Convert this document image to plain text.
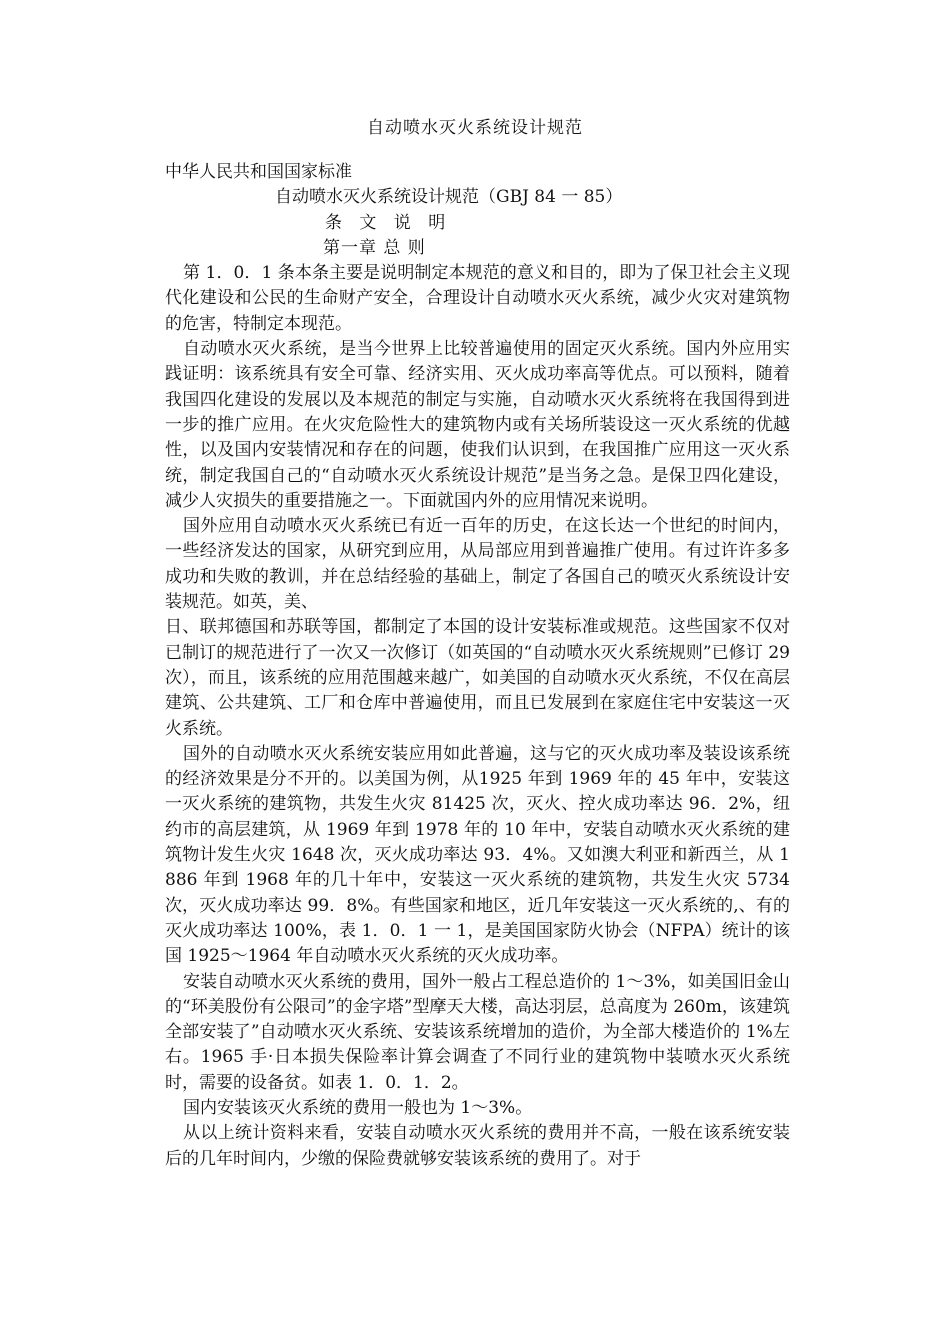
自动喷水灭火系统设计规范

中华人民共和国国家标准

自动喷水灭火系统设计规范（GBJ 84 一 85）

条 文 说 明

第一章 总 则

第 1．0．1 条本条主要是说明制定本规范的意义和目的，即为了保卫社会主义现代化建设和公民的生命财产安全，合理设计自动喷水灭火系统，减少火灾对建筑物的危害，特制定本现范。

自动喷水灭火系统，是当今世界上比较普遍使用的固定灭火系统。国内外应用实践证明：该系统具有安全可靠、经济实用、灭火成功率高等优点。可以预料，随着我国四化建设的发展以及本规范的制定与实施，自动喷水灭火系统将在我国得到进一步的推广应用。在火灾危险性大的建筑物内或有关场所装设这一灭火系统的优越性，以及国内安装情况和存在的问题，使我们认识到，在我国推广应用这一灭火系统，制定我国自己的“自动喷水灭火系统设计规范”是当务之急。是保卫四化建设，减少人灾损失的重要措施之一。下面就国内外的应用情况来说明。

国外应用自动喷水灭火系统已有近一百年的历史，在这长达一个世纪的时间内，一些经济发达的国家，从研究到应用，从局部应用到普遍推广使用。有过许许多多成功和失败的教训，并在总结经验的基础上，制定了各国自己的喷灭火系统设计安装规范。如英，美、

日、联邦德国和苏联等国，都制定了本国的设计安装标准或规范。这些国家不仅对已制订的规范进行了一次又一次修订（如英国的“自动喷水灭火系统规则”已修订 29 次），而且，该系统的应用范围越来越广，如美国的自动喷水灭火系统，不仅在高层建筑、公共建筑、工厂和仓库中普遍使用，而且已发展到在家庭住宅中安装这一灭火系统。

国外的自动喷水灭火系统安装应用如此普遍，这与它的灭火成功率及装设该系统的经济效果是分不开的。以美国为例，从1925 年到 1969 年的 45 年中，安装这一灭火系统的建筑物，共发生火灾 81425 次，灭火、控火成功率达 96．2%，纽约市的高层建筑，从 1969 年到 1978 年的 10 年中，安装自动喷水灭火系统的建筑物计发生火灾 1648 次，灭火成功率达 93．4%。又如澳大利亚和新西兰，从 1886 年到 1968 年的几十年中，安装这一灭火系统的建筑物，共发生火灾 5734 次，灭火成功率达 99．8%。有些国家和地区，近几年安装这一灭火系统的,、有的灭火成功率达 100%，表 1．0．1 一 1，是美国国家防火协会（NFPA）统计的该国 1925～1964 年自动喷水灭火系统的灭火成功率。

安装自动喷水灭火系统的费用，国外一般占工程总造价的 1～3%，如美国旧金山的“环美股份有公限司”的金字塔”型摩天大楼，高达羽层，总高度为 260m，该建筑全部安装了”自动喷水灭火系统、安装该系统增加的造价，为全部大楼造价的 1%左右。1965 手·日本损失保险率计算会调查了不同行业的建筑物中装喷水灭火系统时，需要的设备贫。如表 1．0．1．2。

国内安装该灭火系统的费用一般也为 1～3%。

从以上统计资料来看，安装自动喷水灭火系统的费用并不高，一般在该系统安装后的几年时间内，少缴的保险费就够安装该系统的费用了。对于
